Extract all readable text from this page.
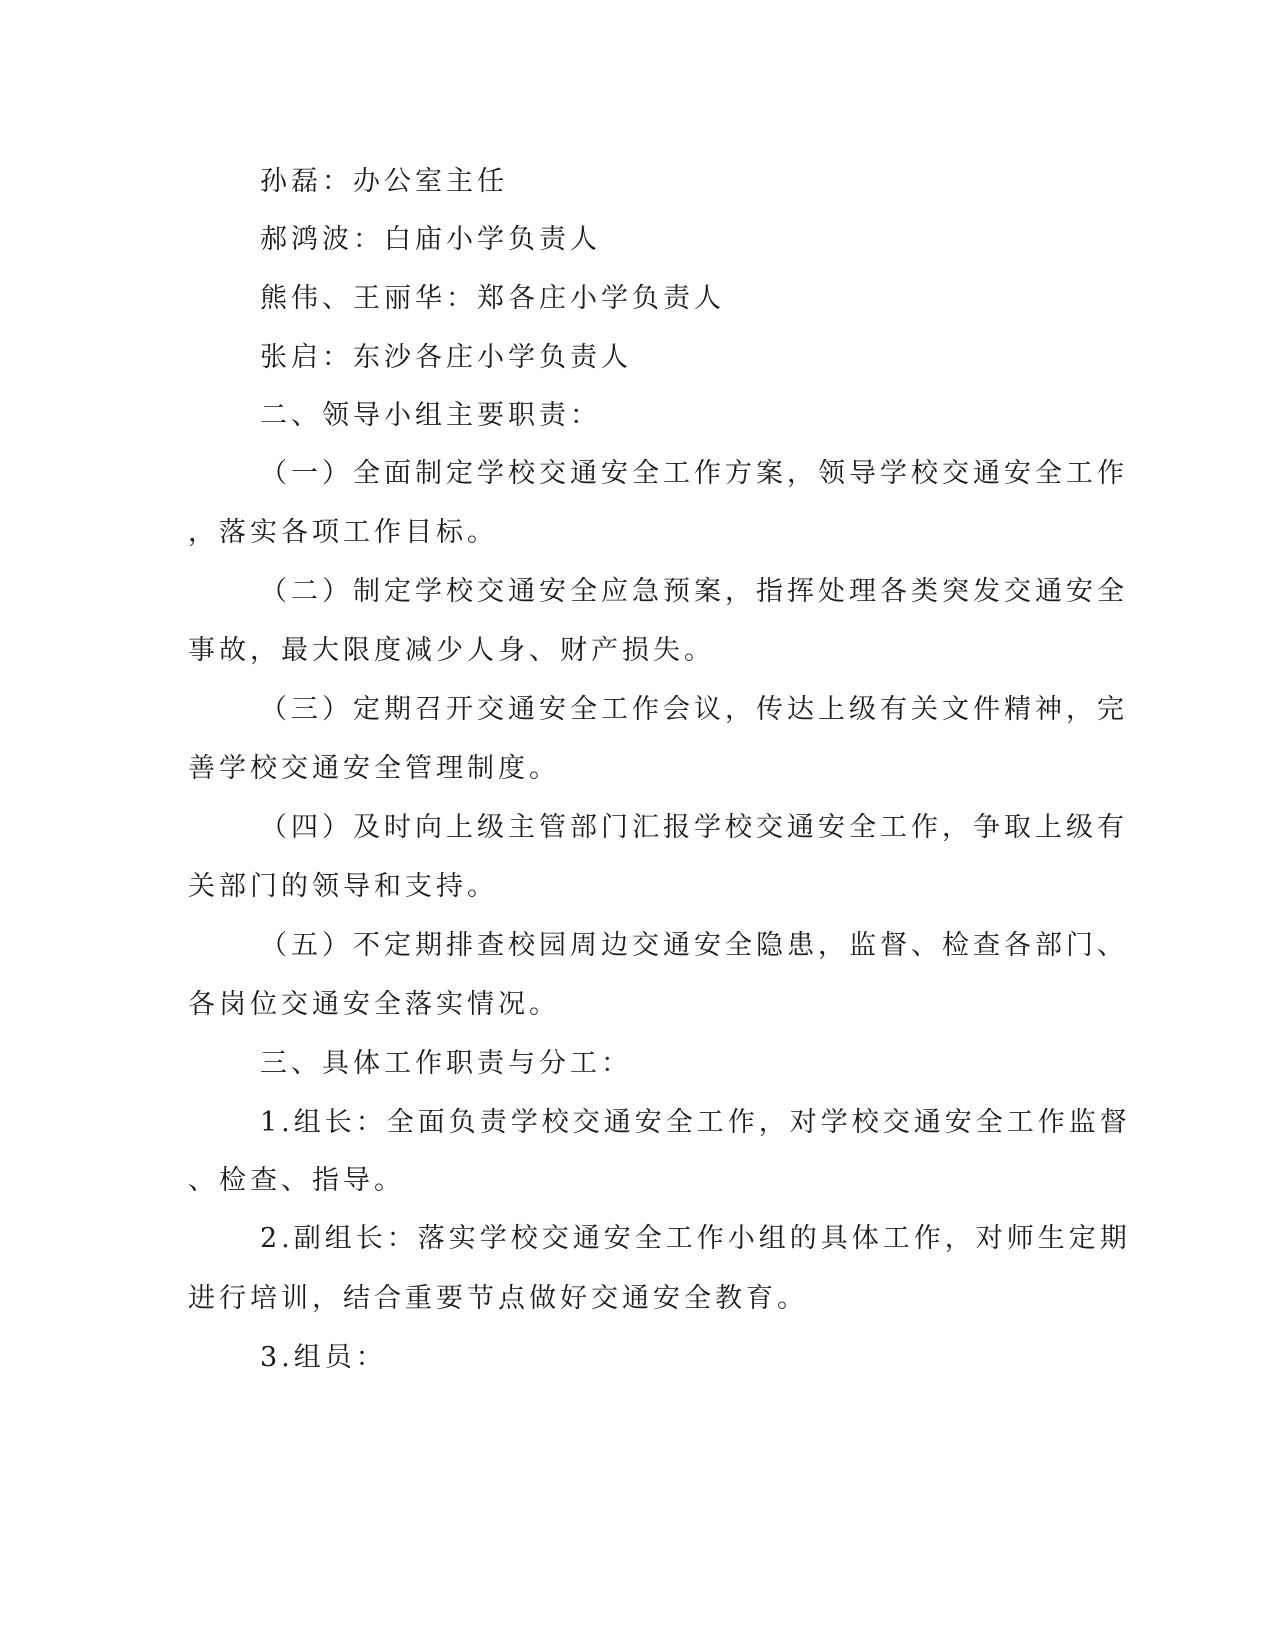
孙磊：办公室主任
郝鸿波：白庙小学负责人
熊伟、王丽华：郑各庄小学负责人
张启：东沙各庄小学负责人
二、领导小组主要职责：
（一）全面制定学校交通安全工作方案，领导学校交通安全工作
，落实各项工作目标。
（二）制定学校交通安全应急预案，指挥处理各类突发交通安全
事故，最大限度减少人身、财产损失。
（三）定期召开交通安全工作会议，传达上级有关文件精神，完
善学校交通安全管理制度。
（四）及时向上级主管部门汇报学校交通安全工作，争取上级有
关部门的领导和支持。
（五）不定期排查校园周边交通安全隐患，监督、检查各部门、
各岗位交通安全落实情况。
三、具体工作职责与分工：
1.组长：全面负责学校交通安全工作，对学校交通安全工作监督
、检查、指导。
2.副组长：落实学校交通安全工作小组的具体工作，对师生定期
进行培训，结合重要节点做好交通安全教育。
3.组员：
